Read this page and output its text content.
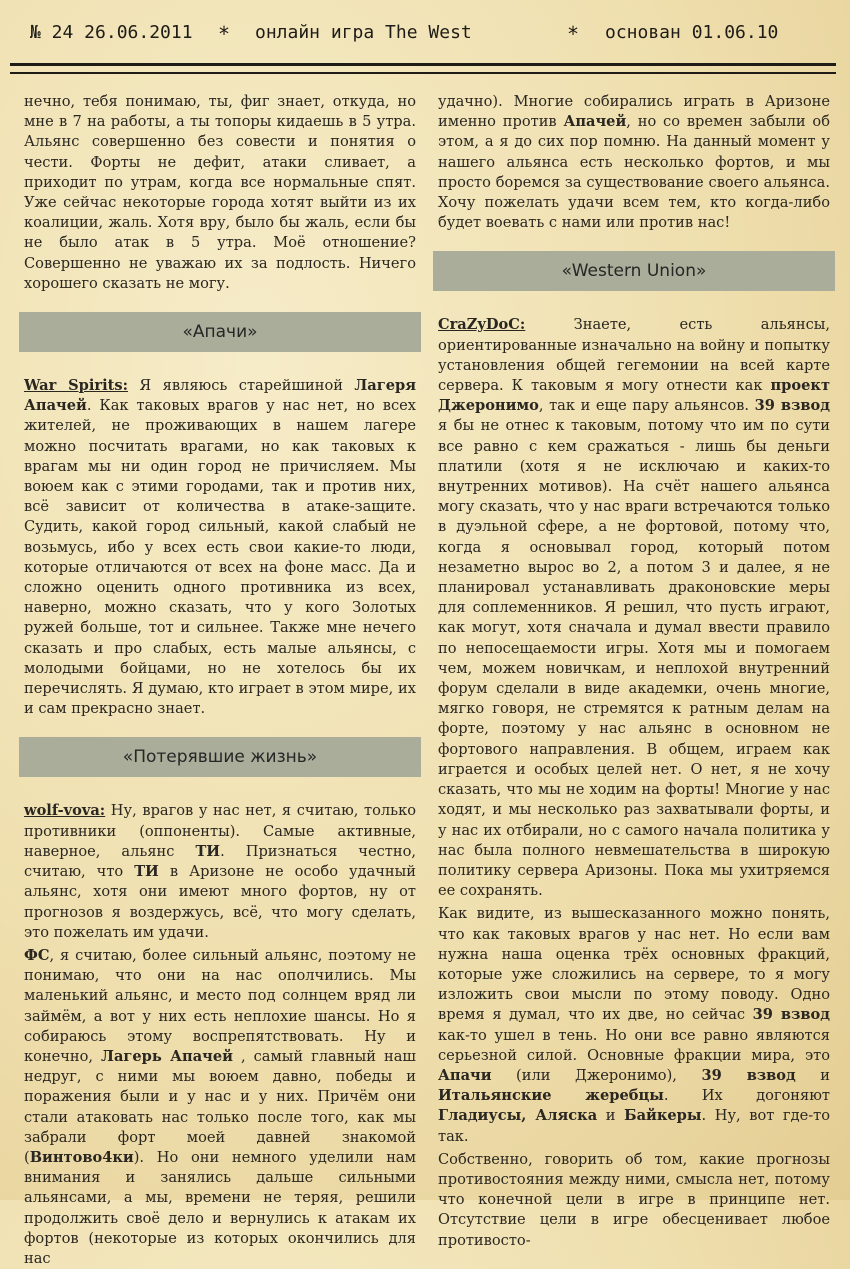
№ 24 26.06.2011 * онлайн игра The West	* основан 01.06.10

нечно, тебя понимаю, ты, фиг знает, откуда, но мне в 7 на работы, а ты топоры кидаешь в 5 утра. Альянс совершенно без совести и понятия о чести. Форты не дефит, атаки сливает, а приходит по утрам, когда все нормальные спят. Уже сейчас некоторые города хотят выйти из их коалиции, жаль. Хотя вру, было бы жаль, если бы не было атак в 5 утра. Моё отношение? Совершенно не уважаю их за подлость. Ничего хорошего сказать не могу.

«Апачи»

War Spirits: Я являюсь старейшиной Лагеря Апачей. Как таковых врагов у нас нет, но всех жителей, не проживающих в нашем лагере можно посчитать врагами, но как таковых к врагам мы ни один город не причисляем. Мы воюем как с этими городами, так и против них, всё зависит от количества в атаке-защите. Судить, какой город сильный, какой слабый не возьмусь, ибо у всех есть свои какие-то люди, которые отличаются от всех на фоне масс. Да и сложно оценить одного противника из всех, наверно, можно сказать, что у кого Золотых ружей больше, тот и сильнее. Также мне нечего сказать и про слабых, есть малые альянсы, с молодыми бойцами, но не хотелось бы их перечислять. Я думаю, кто играет в этом мире, их и сам прекрасно знает.

«Потерявшие жизнь»

wolf-vova: Ну, врагов у нас нет, я считаю, только противники (оппоненты). Самые активные, наверное, альянс ТИ. Признаться честно, считаю, что ТИ в Аризоне не особо удачный альянс, хотя они имеют много фортов, ну от прогнозов я воздержусь, всё, что могу сделать, это пожелать им удачи.

ФС, я считаю, более сильный альянс, поэтому не понимаю, что они на нас ополчились. Мы маленький альянс, и место под солнцем вряд ли займём, а вот у них есть неплохие шансы. Но я собираюсь этому воспрепятствовать. Ну и конечно, Лагерь Апачей , самый главный наш недруг, с ними мы воюем давно, победы и поражения были и у нас и у них. Причём они стали атаковать нас только после того, как мы забрали форт моей давней знакомой (Винтово4ки). Но они немного уделили нам внимания и занялись дальше сильными альянсами, а мы, времени не теряя, решили продолжить своё дело и вернулись к атакам их фортов (некоторые из которых окончились для нас

удачно). Многие собирались играть в Аризоне именно против Апачей, но со времен забыли об этом, а я до сих пор помню. На данный момент у нашего альянса есть несколько фортов, и мы просто боремся за существование своего альянса. Хочу пожелать удачи всем тем, кто когда-либо будет воевать с нами или против нас!

«Western Union»

CraZyDoC: Знаете, есть альянсы, ориентированные изначально на войну и попытку установления общей гегемонии на всей карте сервера. К таковым я могу отнести как проект Джеронимо, так и еще пару альянсов. 39 взвод я бы не отнес к таковым, потому что им по сути все равно с кем сражаться - лишь бы деньги платили (хотя я не исключаю и каких-то внутренних мотивов). На счёт нашего альянса могу сказать, что у нас враги встречаются только в дуэльной сфере, а не фортовой, потому что, когда я основывал город, который потом незаметно вырос во 2, а потом 3 и далее, я не планировал устанавливать драконовские меры для соплеменников. Я решил, что пусть играют, как могут, хотя сначала и думал ввести правило по непосещаемости игры. Хотя мы и помогаем чем, можем новичкам, и неплохой внутренний форум сделали в виде академки, очень многие, мягко говоря, не стремятся к ратным делам на форте, поэтому у нас альянс в основном не фортового направления. В общем, играем как играется и особых целей нет. О нет, я не хочу сказать, что мы не ходим на форты! Многие у нас ходят, и мы несколько раз захватывали форты, и у нас их отбирали, но с самого начала политика у нас была полного невмешательства в широкую политику сервера Аризоны. Пока мы ухитряемся ее сохранять.

Как видите, из вышесказанного можно понять, что как таковых врагов у нас нет. Но если вам нужна наша оценка трёх основных фракций, которые уже сложились на сервере, то я могу изложить свои мысли по этому поводу. Одно время я думал, что их две, но сейчас 39 взвод как-то ушел в тень. Но они все равно являются серьезной силой. Основные фракции мира, это Апачи (или Джеронимо), 39 взвод и Итальянские жеребцы. Их догоняют Гладиусы, Аляска и Байкеры. Ну, вот где-то так.

Собственно, говорить об том, какие прогнозы противостояния между ними, смысла нет, потому что конечной цели в игре в принципе нет. Отсутствие цели в игре обесценивает любое противосто-
